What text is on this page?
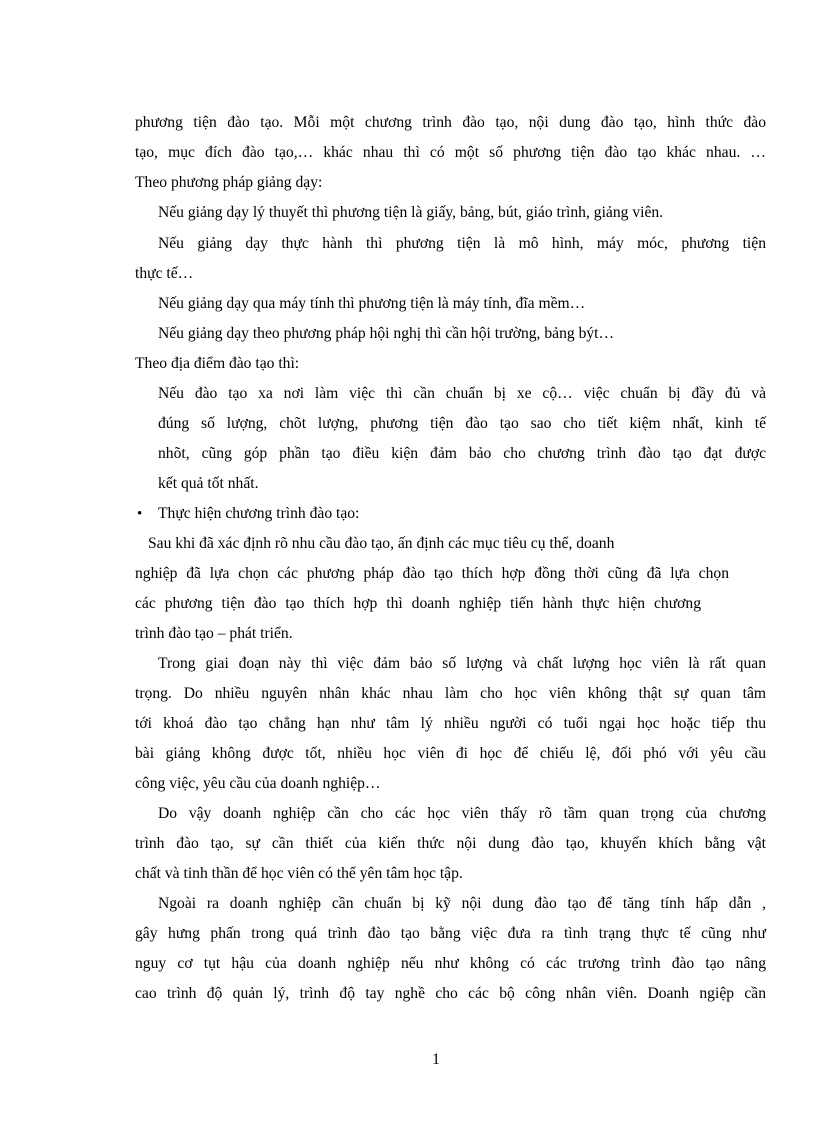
phương tiện đào tạo. Mỗi một chương trình đào tạo, nội dung đào tạo, hình thức đào
tạo, mục đích đào tạo,… khác nhau thì có một số phương tiện đào tạo khác nhau. …
Theo phương pháp giảng dạy:
Nếu giảng dạy lý thuyết thì phương tiện là giấy, bảng, bút, giáo trình, giảng viên.
Nếu giảng dạy thực hành thì phương tiện là mô hình, máy móc, phương tiện
thực tế…
Nếu giảng dạy qua máy tính thì phương tiện là máy tính, đĩa mềm…
Nếu giảng dạy theo phương pháp hội nghị thì cần hội trường, bảng být…
Theo địa điểm đào tạo thì:
Nếu đào tạo xa nơi làm việc thì cần chuẩn bị xe cộ… việc chuẩn bị đầy đủ và
đúng số lượng, chõt lượng, phương tiện đào tạo sao cho tiết kiệm nhất, kinh tế
nhõt, cũng góp phần tạo điều kiện đảm bảo cho chương trình đào tạo đạt được
kết quả tốt nhất.
• Thực hiện chương trình đào tạo:
Sau khi đã xác định rõ nhu cầu đào tạo, ấn định các mục tiêu cụ thể, doanh
nghiệp đã lựa chọn các phương pháp đào tạo thích hợp đồng thời cũng đã lựa chọn
các phương tiện đào tạo thích hợp thì doanh nghiệp tiến hành thực hiện chương
trình đào tạo – phát triển.
Trong giai đoạn này thì việc đảm bảo số lượng và chất lượng học viên là rất quan
trọng. Do nhiều nguyên nhân khác nhau làm cho học viên không thật sự quan tâm
tới khoá đào tạo chẳng hạn như tâm lý nhiều người có tuổi ngại học hoặc tiếp thu
bài giảng không được tốt, nhiều học viên đi học để chiếu lệ, đối phó với yêu cầu
công việc, yêu cầu của doanh nghiệp…
Do vậy doanh nghiệp cần cho các học viên thấy rõ tầm quan trọng của chương
trình đào tạo, sự cần thiết của kiến thức nội dung đào tạo, khuyến khích bằng vật
chất và tinh thần để học viên có thể yên tâm học tập.
Ngoài ra doanh nghiệp cần chuẩn bị kỹ nội dung đào tạo để tăng tính hấp dẫn ,
gây hưng phấn trong quá trình đào tạo bằng việc đưa ra tình trạng thực tế cũng như
nguy cơ tụt hậu của doanh nghiệp nếu như không có các trương trình đào tạo nâng
cao trình độ quản lý, trình độ tay nghề cho các bộ công nhân viên. Doanh ngiệp cần
1
